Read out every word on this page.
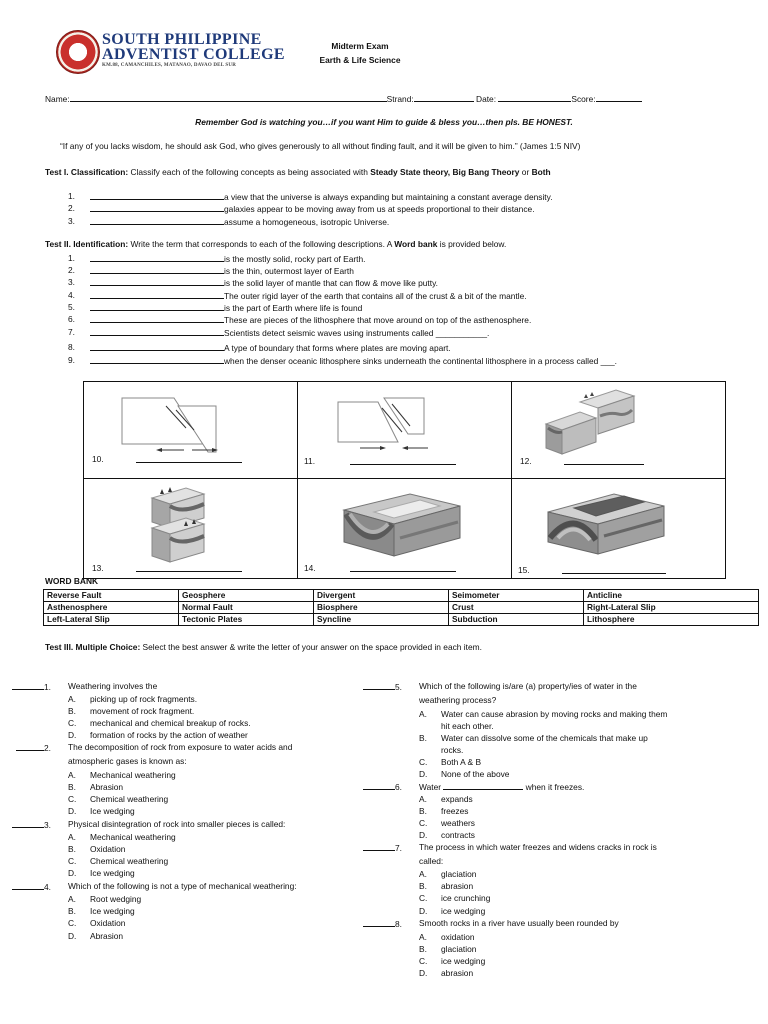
SOUTH PHILIPPINE
ADVENTIST COLLEGE
KM.88, CAMANCHILES, MATANAO, DAVAO DEL SUR
Midterm Exam
Earth & Life Science
Name:	Strand:	Date:	Score:
Remember God is watching you…if you want Him to guide & bless you…then pls. BE HONEST.
“If any of you lacks wisdom, he should ask God, who gives generously to all without finding fault, and it will be given to him.” (James 1:5 NIV)
Test I. Classification: Classify each of the following concepts as being associated with Steady State theory, Big Bang Theory or Both
1.	a view that the universe is always expanding but maintaining a constant average density.
2.	galaxies appear to be moving away from us at speeds proportional to their distance.
3.	assume a homogeneous, isotropic Universe.
Test II. Identification: Write the term that corresponds to each of the following descriptions. A Word bank is provided below.
1.	is the mostly solid, rocky part of Earth.
2.	is the thin, outermost layer of Earth
3.	is the solid layer of mantle that can flow & move like putty.
4.	The outer rigid layer of the earth that contains all of the crust & a bit of the mantle.
5.	is the part of Earth where life is found
6.	These are pieces of the lithosphere that move around on top of the asthenosphere.
7.	Scientists detect seismic waves using instruments called ___________.
8.	A type of boundary that forms where plates are moving apart.
9.	when the denser oceanic lithosphere sinks underneath the continental lithosphere in a process called ___.
10.	11.	12.
13.	14.	15.
WORD BANK
Reverse Fault	Geosphere	Divergent	Seimometer	Anticline
Asthenosphere	Normal Fault	Biosphere	Crust	Right-Lateral Slip
Left-Lateral Slip	Tectonic Plates	Syncline	Subduction	Lithosphere
Test III. Multiple Choice: Select the best answer & write the letter of your answer on the space provided in each item.
1. Weathering involves the
A. picking up of rock fragments.
B. movement of rock fragment.
C. mechanical and chemical breakup of rocks.
D. formation of rocks by the action of weather
2. The decomposition of rock from exposure to water acids and
atmospheric gases is known as:
A. Mechanical weathering
B. Abrasion
C. Chemical weathering
D. Ice wedging
3. Physical disintegration of rock into smaller pieces is called:
A. Mechanical weathering
B. Oxidation
C. Chemical weathering
D. Ice wedging
4. Which of the following is not a type of mechanical weathering:
A. Root wedging
B. Ice wedging
C. Oxidation
D. Abrasion
5. Which of the following is/are (a) property/ies of water in the
weathering process?
A. Water can cause abrasion by moving rocks and making them
hit each other.
B. Water can dissolve some of the chemicals that make up
rocks.
C. Both A & B
D. None of the above
6. Water	when it freezes.
A. expands
B. freezes
C. weathers
D. contracts
7. The process in which water freezes and widens cracks in rock is
called:
A. glaciation
B. abrasion
C. ice crunching
D. ice wedging
8. Smooth rocks in a river have usually been rounded by
A. oxidation
B. glaciation
C. ice wedging
D. abrasion
